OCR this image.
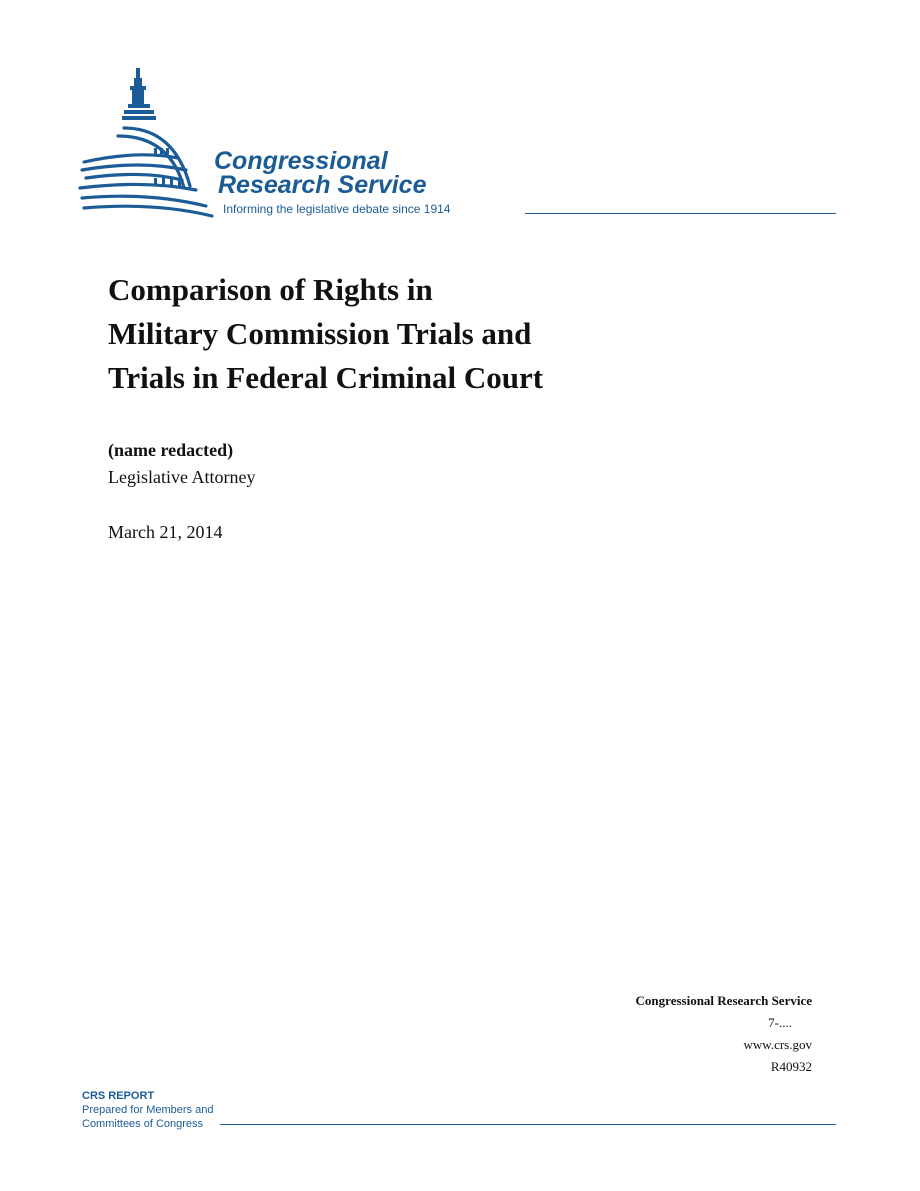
Congressional
Research Service
Informing the legislative debate since 1914
Comparison of Rights in
Military Commission Trials and
Trials in Federal Criminal Court
(name redacted)
Legislative Attorney
March 21, 2014
Congressional Research Service
7-....
www.crs.gov
R40932
CRS REPORT
Prepared for Members and
Committees of Congress
